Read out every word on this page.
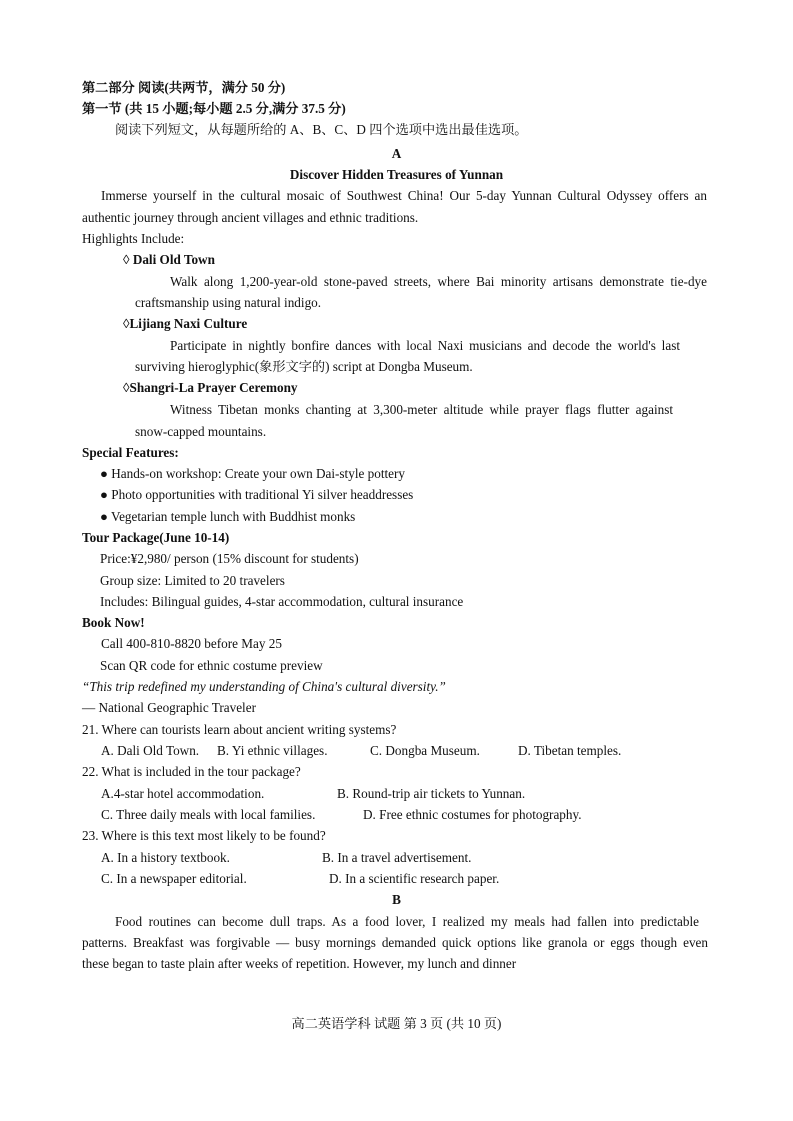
第二部分 阅读(共两节，满分 50 分)
第一节 (共 15 小题;每小题 2.5 分,满分 37.5 分)
阅读下列短文，从每题所给的 A、B、C、D 四个选项中选出最佳选项。
A
Discover Hidden Treasures of Yunnan
Immerse yourself in the cultural mosaic of Southwest China! Our 5-day Yunnan Cultural Odyssey offers an
authentic journey through ancient villages and ethnic traditions.
Highlights Include:
◊ Dali Old Town
Walk along 1,200-year-old stone-paved streets, where Bai minority artisans demonstrate tie-dye
craftsmanship using natural indigo.
◊Lijiang Naxi Culture
Participate in nightly bonfire dances with local Naxi musicians and decode the world's last
surviving hieroglyphic(象形文字的) script at Dongba Museum.
◊Shangri-La Prayer Ceremony
Witness Tibetan monks chanting at 3,300-meter altitude while prayer flags flutter against
snow-capped mountains.
Special Features:
● Hands-on workshop: Create your own Dai-style pottery
● Photo opportunities with traditional Yi silver headdresses
● Vegetarian temple lunch with Buddhist monks
Tour Package(June 10-14)
Price:¥2,980/ person (15% discount for students)
Group size: Limited to 20 travelers
Includes: Bilingual guides, 4-star accommodation, cultural insurance
Book Now!
Call 400-810-8820 before May 25
Scan QR code for ethnic costume preview
“This trip redefined my understanding of China's cultural diversity.”
— National Geographic Traveler
21. Where can tourists learn about ancient writing systems?
A. Dali Old Town. B. Yi ethnic villages.	C. Dongba Museum.	D. Tibetan temples.
22. What is included in the tour package?
A.4-star hotel accommodation.	B. Round-trip air tickets to Yunnan.
C. Three daily meals with local families.	D. Free ethnic costumes for photography.
23. Where is this text most likely to be found?
A. In a history textbook.	B. In a travel advertisement.
C. In a newspaper editorial.	D. In a scientific research paper.
B
Food routines can become dull traps. As a food lover, I realized my meals had fallen into predictable
patterns. Breakfast was forgivable — busy mornings demanded quick options like granola or eggs though even
these began to taste plain after weeks of repetition. However, my lunch and dinner
高二英语学科 试题 第 3 页 (共 10 页)
